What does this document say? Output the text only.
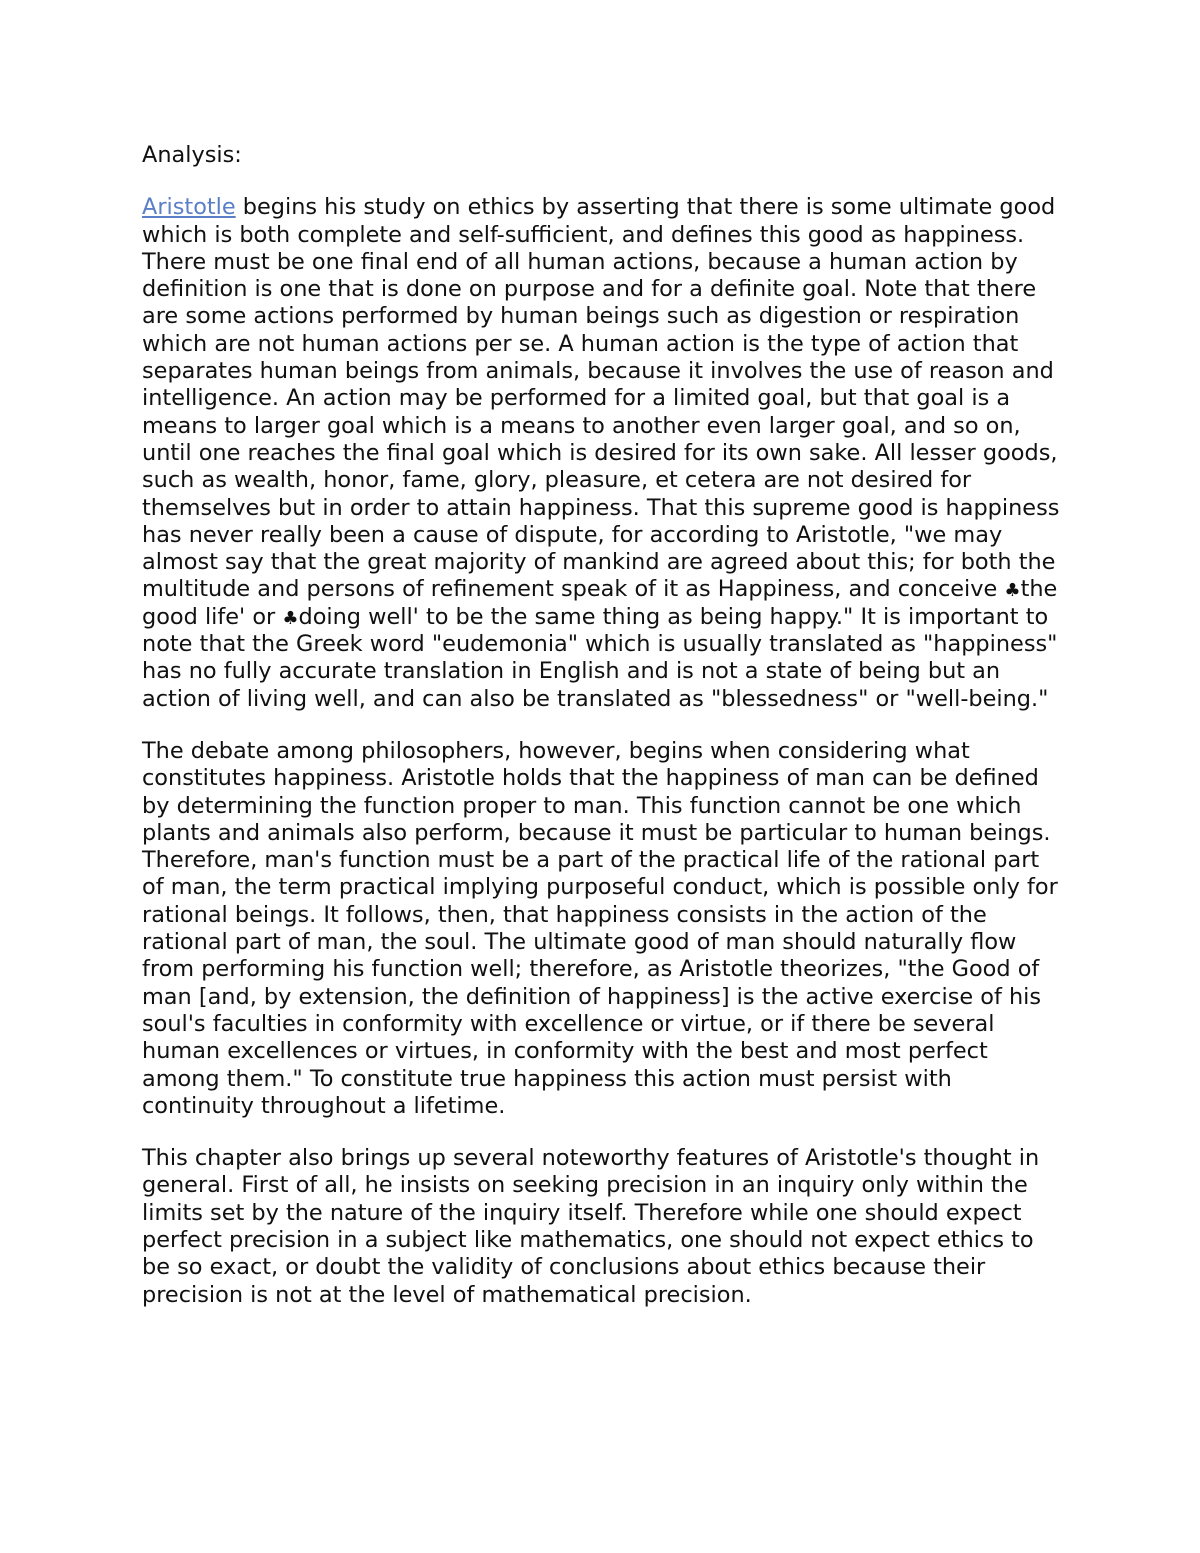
Analysis:

Aristotle begins his study on ethics by asserting that there is some ultimate good which is both complete and self-sufficient, and defines this good as happiness.

There must be one final end of all human actions, because a human action by definition is one that is done on purpose and for a definite goal. Note that there are some actions performed by human beings such as digestion or respiration which are not human actions per se. A human action is the type of action that separates human beings from animals, because it involves the use of reason and intelligence. An action may be performed for a limited goal, but that goal is a means to larger goal which is a means to another even larger goal, and so on, until one reaches the final goal which is desired for its own sake. All lesser goods, such as wealth, honor, fame, glory, pleasure, et cetera are not desired for themselves but in order to attain happiness. That this supreme good is happiness has never really been a cause of dispute, for according to Aristotle, "we may almost say that the great majority of mankind are agreed about this; for both the multitude and persons of refinement speak of it as Happiness, and conceive ♣the good life' or ♣doing well' to be the same thing as being happy." It is important to note that the Greek word "eudemonia" which is usually translated as "happiness" has no fully accurate translation in English and is not a state of being but an action of living well, and can also be translated as "blessedness" or "well-being."

The debate among philosophers, however, begins when considering what constitutes happiness. Aristotle holds that the happiness of man can be defined by determining the function proper to man. This function cannot be one which plants and animals also perform, because it must be particular to human beings. Therefore, man's function must be a part of the practical life of the rational part of man, the term practical implying purposeful conduct, which is possible only for rational beings. It follows, then, that happiness consists in the action of the rational part of man, the soul. The ultimate good of man should naturally flow from performing his function well; therefore, as Aristotle theorizes, "the Good of man [and, by extension, the definition of happiness] is the active exercise of his soul's faculties in conformity with excellence or virtue, or if there be several human excellences or virtues, in conformity with the best and most perfect among them." To constitute true happiness this action must persist with continuity throughout a lifetime.

This chapter also brings up several noteworthy features of Aristotle's thought in general. First of all, he insists on seeking precision in an inquiry only within the limits set by the nature of the inquiry itself. Therefore while one should expect perfect precision in a subject like mathematics, one should not expect ethics to be so exact, or doubt the validity of conclusions about ethics because their precision is not at the level of mathematical precision.
